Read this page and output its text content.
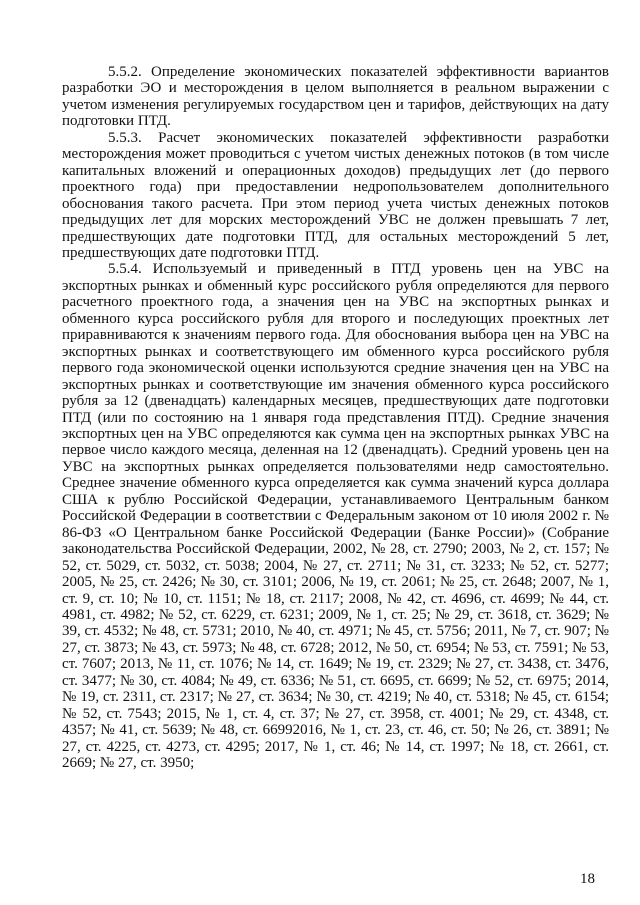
5.5.2. Определение экономических показателей эффективности вариантов разработки ЭО и месторождения в целом выполняется в реальном выражении с учетом изменения регулируемых государством цен и тарифов, действующих на дату подготовки ПТД.

5.5.3. Расчет экономических показателей эффективности разработки месторождения может проводиться с учетом чистых денежных потоков (в том числе капитальных вложений и операционных доходов) предыдущих лет (до первого проектного года) при предоставлении недропользователем дополнительного обоснования такого расчета. При этом период учета чистых денежных потоков предыдущих лет для морских месторождений УВС не должен превышать 7 лет, предшествующих дате подготовки ПТД, для остальных месторождений 5 лет, предшествующих дате подготовки ПТД.

5.5.4. Используемый и приведенный в ПТД уровень цен на УВС на экспортных рынках и обменный курс российского рубля определяются для первого расчетного проектного года, а значения цен на УВС на экспортных рынках и обменного курса российского рубля для второго и последующих проектных лет приравниваются к значениям первого года. Для обоснования выбора цен на УВС на экспортных рынках и соответствующего им обменного курса российского рубля первого года экономической оценки используются средние значения цен на УВС на экспортных рынках и соответствующие им значения обменного курса российского рубля за 12 (двенадцать) календарных месяцев, предшествующих дате подготовки ПТД (или по состоянию на 1 января года представления ПТД). Средние значения экспортных цен на УВС определяются как сумма цен на экспортных рынках УВС на первое число каждого месяца, деленная на 12 (двенадцать). Средний уровень цен на УВС на экспортных рынках определяется пользователями недр самостоятельно. Среднее значение обменного курса определяется как сумма значений курса доллара США к рублю Российской Федерации, устанавливаемого Центральным банком Российской Федерации в соответствии с Федеральным законом от 10 июля 2002 г. № 86-ФЗ «О Центральном банке Российской Федерации (Банке России)» (Собрание законодательства Российской Федерации, 2002, № 28, ст. 2790; 2003, № 2, ст. 157; № 52, ст. 5029, ст. 5032, ст. 5038; 2004, № 27, ст. 2711; № 31, ст. 3233; № 52, ст. 5277; 2005, № 25, ст. 2426; № 30, ст. 3101; 2006, № 19, ст. 2061; № 25, ст. 2648; 2007, № 1, ст. 9, ст. 10; № 10, ст. 1151; № 18, ст. 2117; 2008, № 42, ст. 4696, ст. 4699; № 44, ст. 4981, ст. 4982; № 52, ст. 6229, ст. 6231; 2009, № 1, ст. 25; № 29, ст. 3618, ст. 3629; № 39, ст. 4532; № 48, ст. 5731; 2010, № 40, ст. 4971; № 45, ст. 5756; 2011, № 7, ст. 907; № 27, ст. 3873; № 43, ст. 5973; № 48, ст. 6728; 2012, № 50, ст. 6954; № 53, ст. 7591; № 53, ст. 7607; 2013, № 11, ст. 1076; № 14, ст. 1649; № 19, ст. 2329; № 27, ст. 3438, ст. 3476, ст. 3477; № 30, ст. 4084; № 49, ст. 6336; № 51, ст. 6695, ст. 6699; № 52, ст. 6975; 2014, № 19, ст. 2311, ст. 2317; № 27, ст. 3634; № 30, ст. 4219; № 40, ст. 5318; № 45, ст. 6154; № 52, ст. 7543; 2015, № 1, ст. 4, ст. 37; № 27, ст. 3958, ст. 4001; № 29, ст. 4348, ст. 4357; № 41, ст. 5639; № 48, ст. 66992016, № 1, ст. 23, ст. 46, ст. 50; № 26, ст. 3891; № 27, ст. 4225, ст. 4273, ст. 4295; 2017, № 1, ст. 46; № 14, ст. 1997; № 18, ст. 2661, ст. 2669; № 27, ст. 3950;

18
